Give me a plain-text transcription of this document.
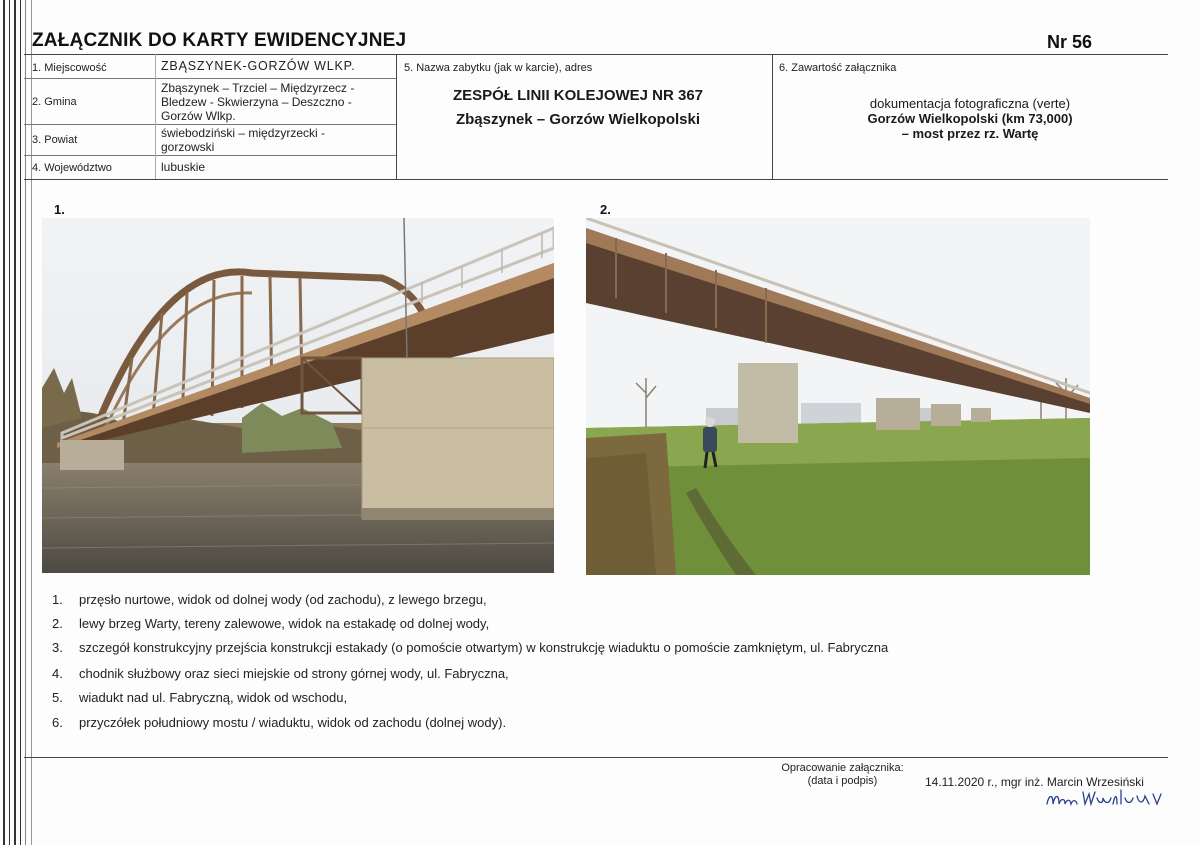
ZAŁĄCZNIK DO KARTY EWIDENCYJNEJ	Nr 56
1. Miejscowość	ZBĄSZYNEK-GORZÓW WLKP.
2. Gmina
Zbąszynek – Trzciel – Międzyrzecz -
Bledzew - Skwierzyna – Deszczno -
Gorzów Wlkp.
3. Powiat	świebodziński – międzyrzecki -
gorzowski
4. Województwo	lubuskie
5. Nazwa zabytku (jak w karcie), adres
ZESPÓŁ LINII KOLEJOWEJ NR 367
Zbąszynek – Gorzów Wielkopolski
6. Zawartość załącznika
dokumentacja fotograficzna (verte)
Gorzów Wielkopolski (km 73,000)
– most przez rz. Wartę
1.	2.
1. przęsło nurtowe, widok od dolnej wody (od zachodu), z lewego brzegu,
2. lewy brzeg Warty, tereny zalewowe, widok na estakadę od dolnej wody,
3. szczegół konstrukcyjny przejścia konstrukcji estakady (o pomoście otwartym) w konstrukcję wiaduktu o pomoście zamkniętym, ul. Fabryczna
4. chodnik służbowy oraz sieci miejskie od strony górnej wody, ul. Fabryczna,
5. wiadukt nad ul. Fabryczną, widok od wschodu,
6. przyczółek południowy mostu / wiaduktu, widok od zachodu (dolnej wody).
Opracowanie załącznika:
(data i podpis)	14.11.2020 r., mgr inż. Marcin Wrzesiński
